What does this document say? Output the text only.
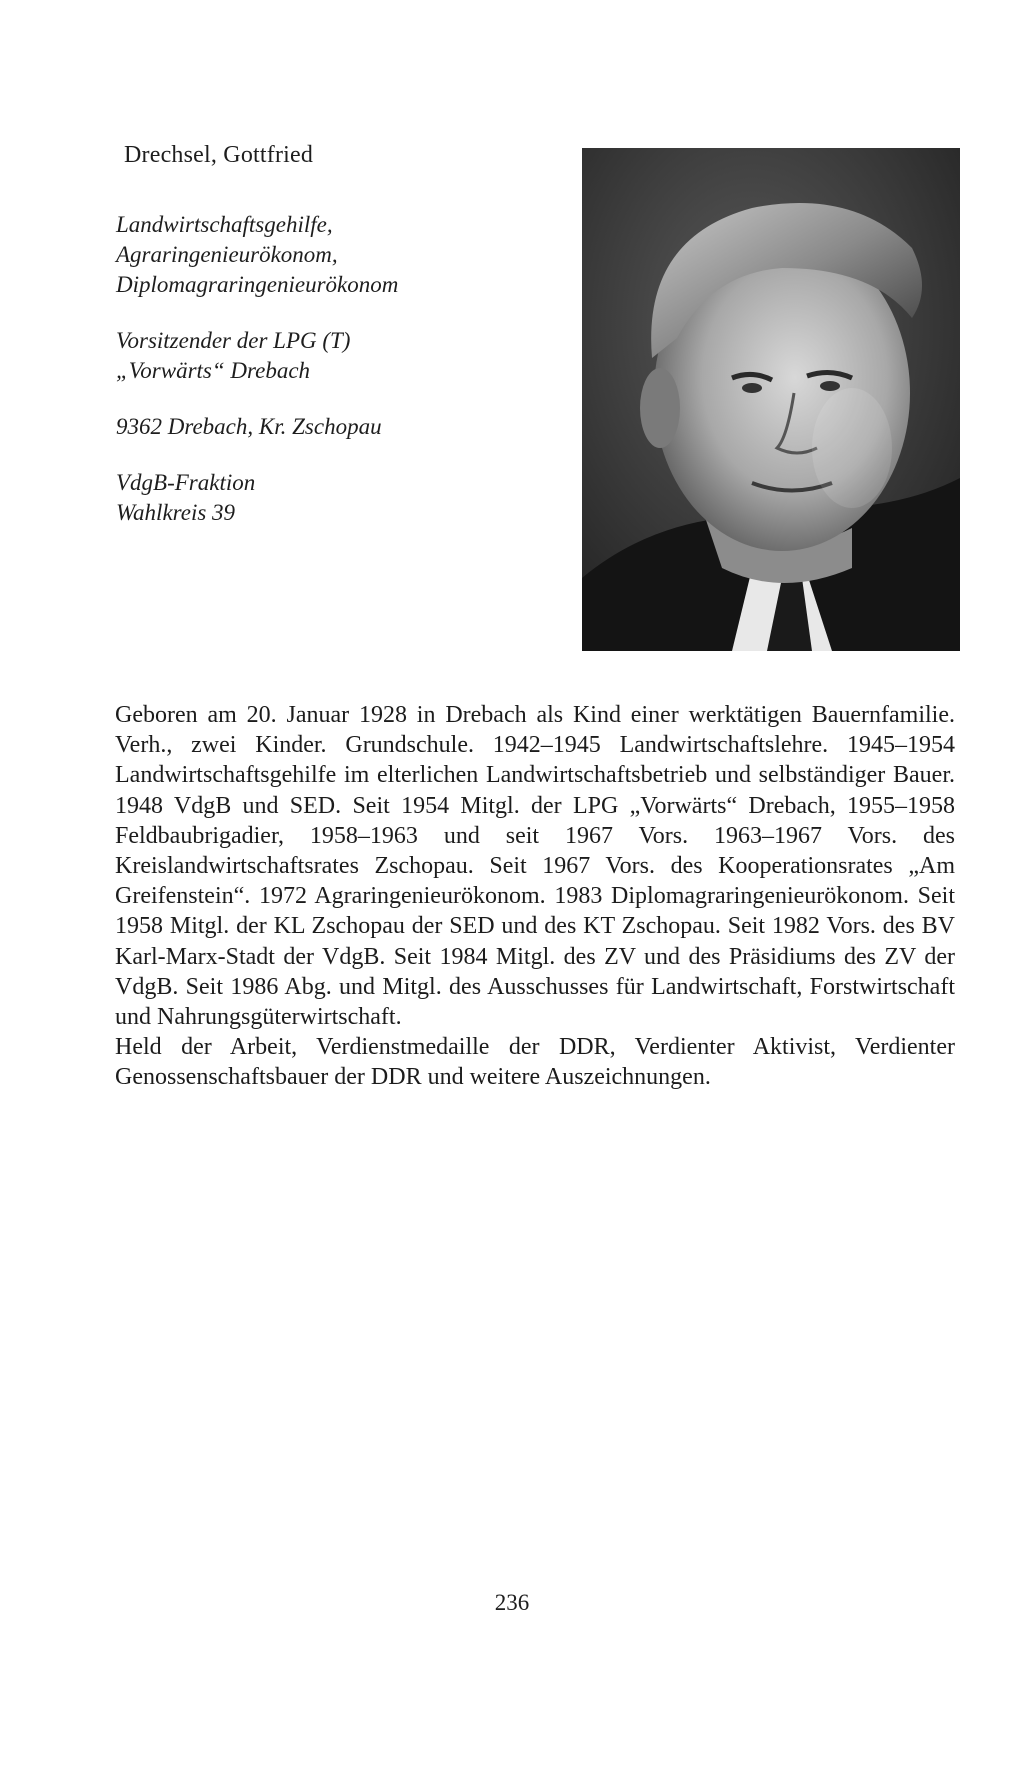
Drechsel, Gottfried
Landwirtschaftsgehilfe,
Agraringenieurökonom,
Diplomagraringenieurökonom
Vorsitzender der LPG (T)
„Vorwärts“ Drebach
9362 Drebach, Kr. Zschopau
VdgB-Fraktion
Wahlkreis 39

Geboren am 20. Januar 1928 in Drebach als Kind einer werktätigen Bauernfamilie. Verh., zwei Kinder. Grundschule. 1942–1945 Landwirtschaftslehre. 1945–1954 Landwirtschaftsgehilfe im elterlichen Landwirtschaftsbetrieb und selbständiger Bauer. 1948 VdgB und SED. Seit 1954 Mitgl. der LPG „Vorwärts“ Drebach, 1955–1958 Feldbaubrigadier, 1958–1963 und seit 1967 Vors. 1963–1967 Vors. des Kreislandwirtschaftsrates Zschopau. Seit 1967 Vors. des Kooperationsrates „Am Greifenstein“. 1972 Agraringenieurökonom. 1983 Diplomagraringenieurökonom. Seit 1958 Mitgl. der KL Zschopau der SED und des KT Zschopau. Seit 1982 Vors. des BV Karl-Marx-Stadt der VdgB. Seit 1984 Mitgl. des ZV und des Präsidiums des ZV der VdgB. Seit 1986 Abg. und Mitgl. des Ausschusses für Landwirtschaft, Forstwirtschaft und Nahrungsgüterwirtschaft.

Held der Arbeit, Verdienstmedaille der DDR, Verdienter Aktivist, Verdienter Genossenschaftsbauer der DDR und weitere Auszeichnungen.

236
